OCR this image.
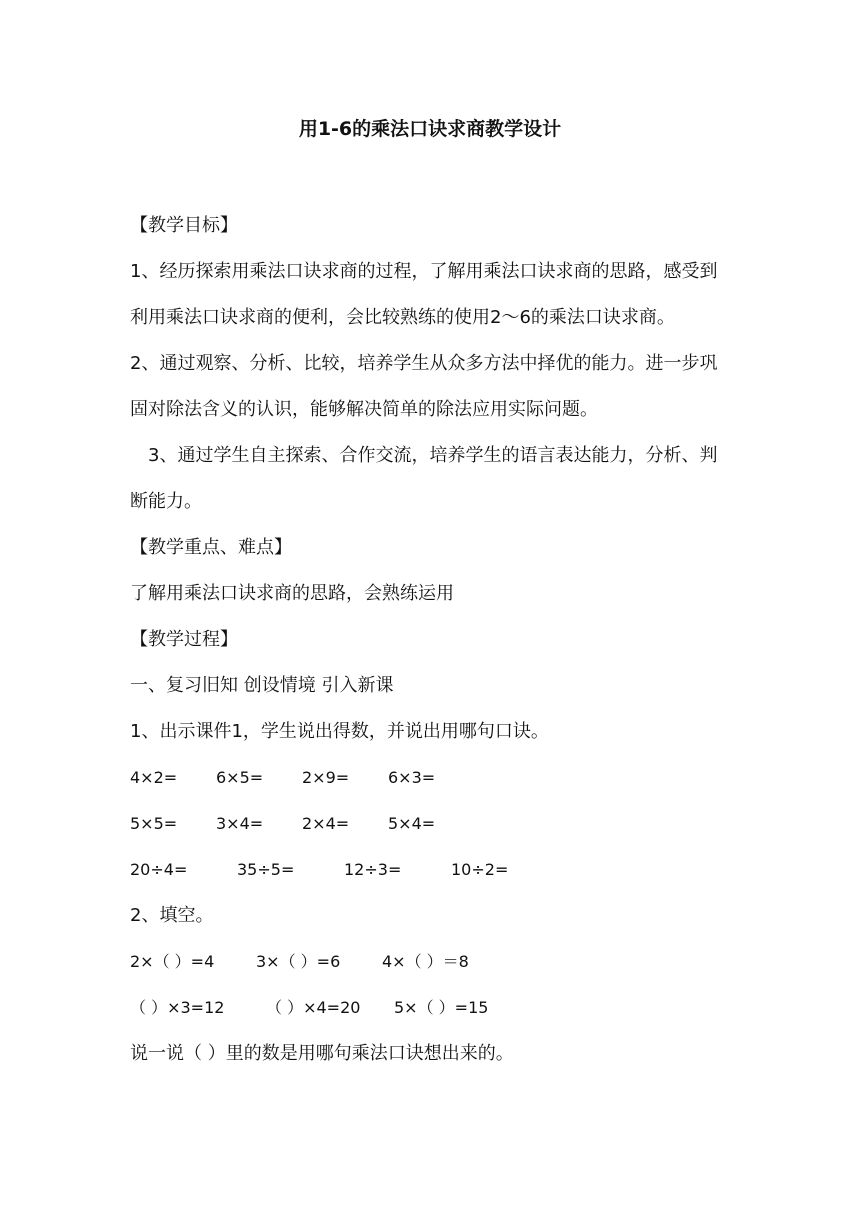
用1-6的乘法口诀求商教学设计

【教学目标】

1、经历探索用乘法口诀求商的过程，了解用乘法口诀求商的思路，感受到利用乘法口诀求商的便利，会比较熟练的使用2～6的乘法口诀求商。

2、通过观察、分析、比较，培养学生从众多方法中择优的能力。进一步巩固对除法含义的认识，能够解决简单的除法应用实际问题。

3、通过学生自主探索、合作交流，培养学生的语言表达能力，分析、判断能力。

【教学重点、难点】

了解用乘法口诀求商的思路，会熟练运用

【教学过程】

一、复习旧知 创设情境 引入新课

1、出示课件1，学生说出得数，并说出用哪句口诀。

4×2=	6×5=	2×9=	6×3=
5×5=	3×4=	2×4=	5×4=
20÷4=	35÷5=	12÷3=	10÷2=

2、填空。

2×（ ）=4	3×（ ）=6	4×（ ）＝8
（ ）×3=12	（ ）×4=20	5×（ ）=15

说一说（ ）里的数是用哪句乘法口诀想出来的。
